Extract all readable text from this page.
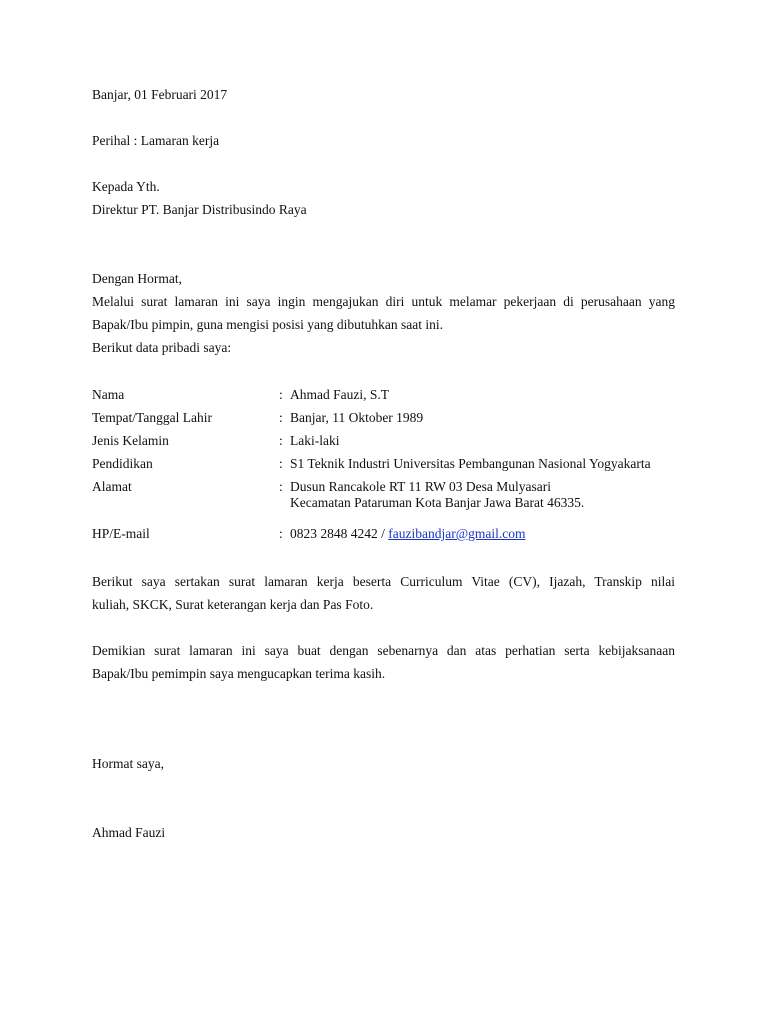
Banjar, 01 Februari 2017
Perihal : Lamaran kerja
Kepada Yth.
Direktur PT. Banjar Distribusindo Raya
Dengan Hormat,
Melalui surat lamaran ini saya ingin mengajukan diri untuk melamar pekerjaan di perusahaan yang
Bapak/Ibu pimpin, guna mengisi posisi yang dibutuhkan saat ini.
Berikut data pribadi saya:
Nama	: Ahmad Fauzi, S.T
Tempat/Tanggal Lahir	: Banjar, 11 Oktober 1989
Jenis Kelamin	: Laki-laki
Pendidikan	: S1 Teknik Industri Universitas Pembangunan Nasional Yogyakarta
Alamat	: Dusun Rancakole RT 11 RW 03 Desa Mulyasari
Kecamatan Pataruman Kota Banjar Jawa Barat 46335.
HP/E-mail	: 0823 2848 4242 / fauzibandjar@gmail.com
Berikut saya sertakan surat lamaran kerja beserta Curriculum Vitae (CV), Ijazah, Transkip nilai
kuliah, SKCK, Surat keterangan kerja dan Pas Foto.
Demikian surat lamaran ini saya buat dengan sebenarnya dan atas perhatian serta kebijaksanaan
Bapak/Ibu pemimpin saya mengucapkan terima kasih.
Hormat saya,
Ahmad Fauzi
